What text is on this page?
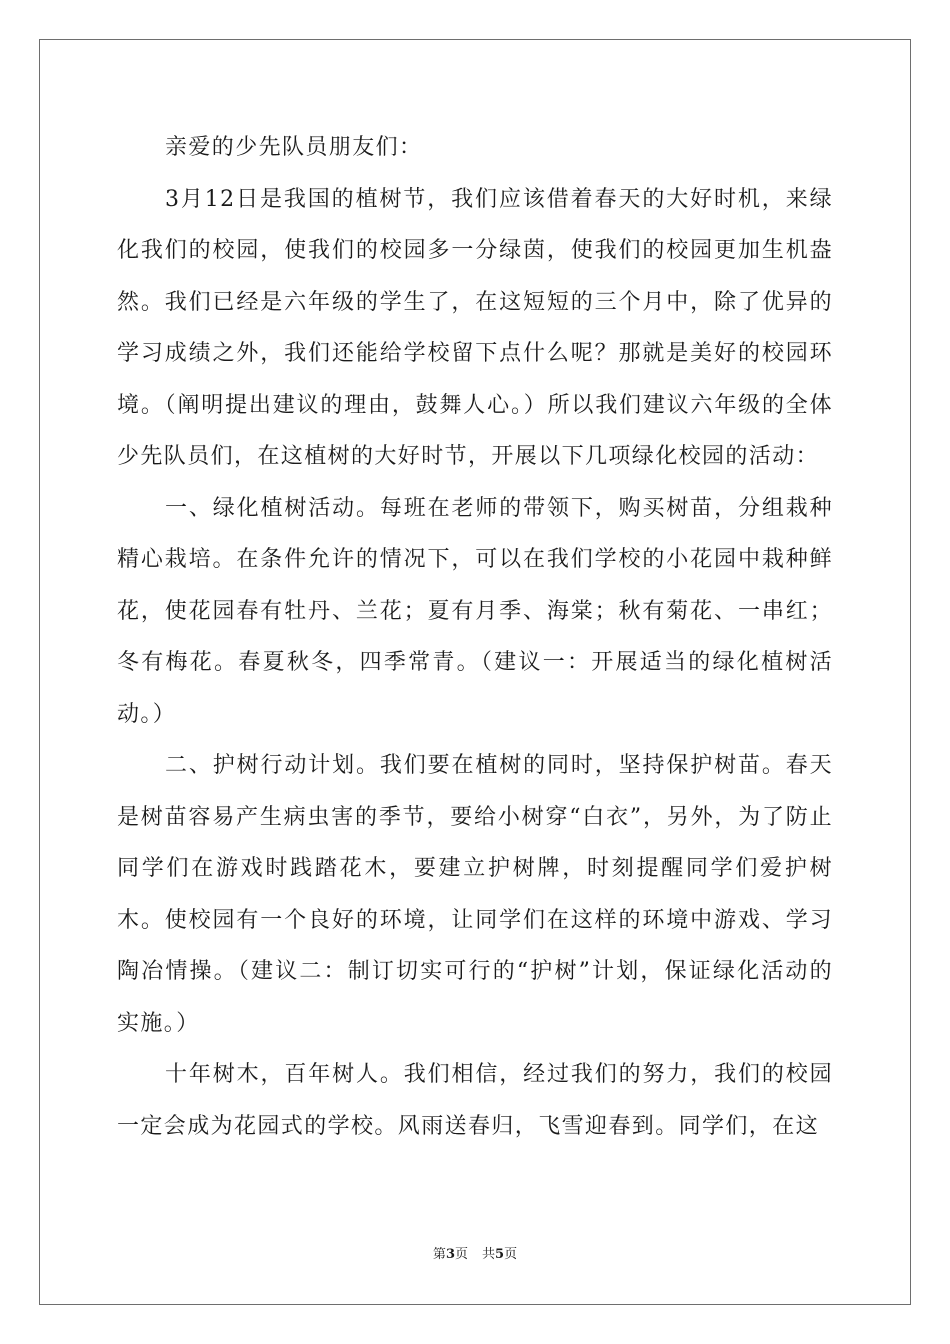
亲爱的少先队员朋友们：

3月12日是我国的植树节，我们应该借着春天的大好时机，来绿化我们的校园，使我们的校园多一分绿茵，使我们的校园更加生机盎然。我们已经是六年级的学生了，在这短短的三个月中，除了优异的学习成绩之外，我们还能给学校留下点什么呢？那就是美好的校园环境。（阐明提出建议的理由，鼓舞人心。）所以我们建议六年级的全体少先队员们，在这植树的大好时节，开展以下几项绿化校园的活动：

一、绿化植树活动。每班在老师的带领下，购买树苗，分组栽种精心栽培。在条件允许的情况下，可以在我们学校的小花园中栽种鲜花，使花园春有牡丹、兰花；夏有月季、海棠；秋有菊花、一串红；冬有梅花。春夏秋冬，四季常青。（建议一：开展适当的绿化植树活动。）

二、护树行动计划。我们要在植树的同时，坚持保护树苗。春天是树苗容易产生病虫害的季节，要给小树穿“白衣”，另外，为了防止同学们在游戏时践踏花木，要建立护树牌，时刻提醒同学们爱护树木。使校园有一个良好的环境，让同学们在这样的环境中游戏、学习陶冶情操。（建议二：制订切实可行的“护树”计划，保证绿化活动的实施。）

十年树木，百年树人。我们相信，经过我们的努力，我们的校园一定会成为花园式的学校。风雨送春归，飞雪迎春到。同学们，在这

第3页 共5页
